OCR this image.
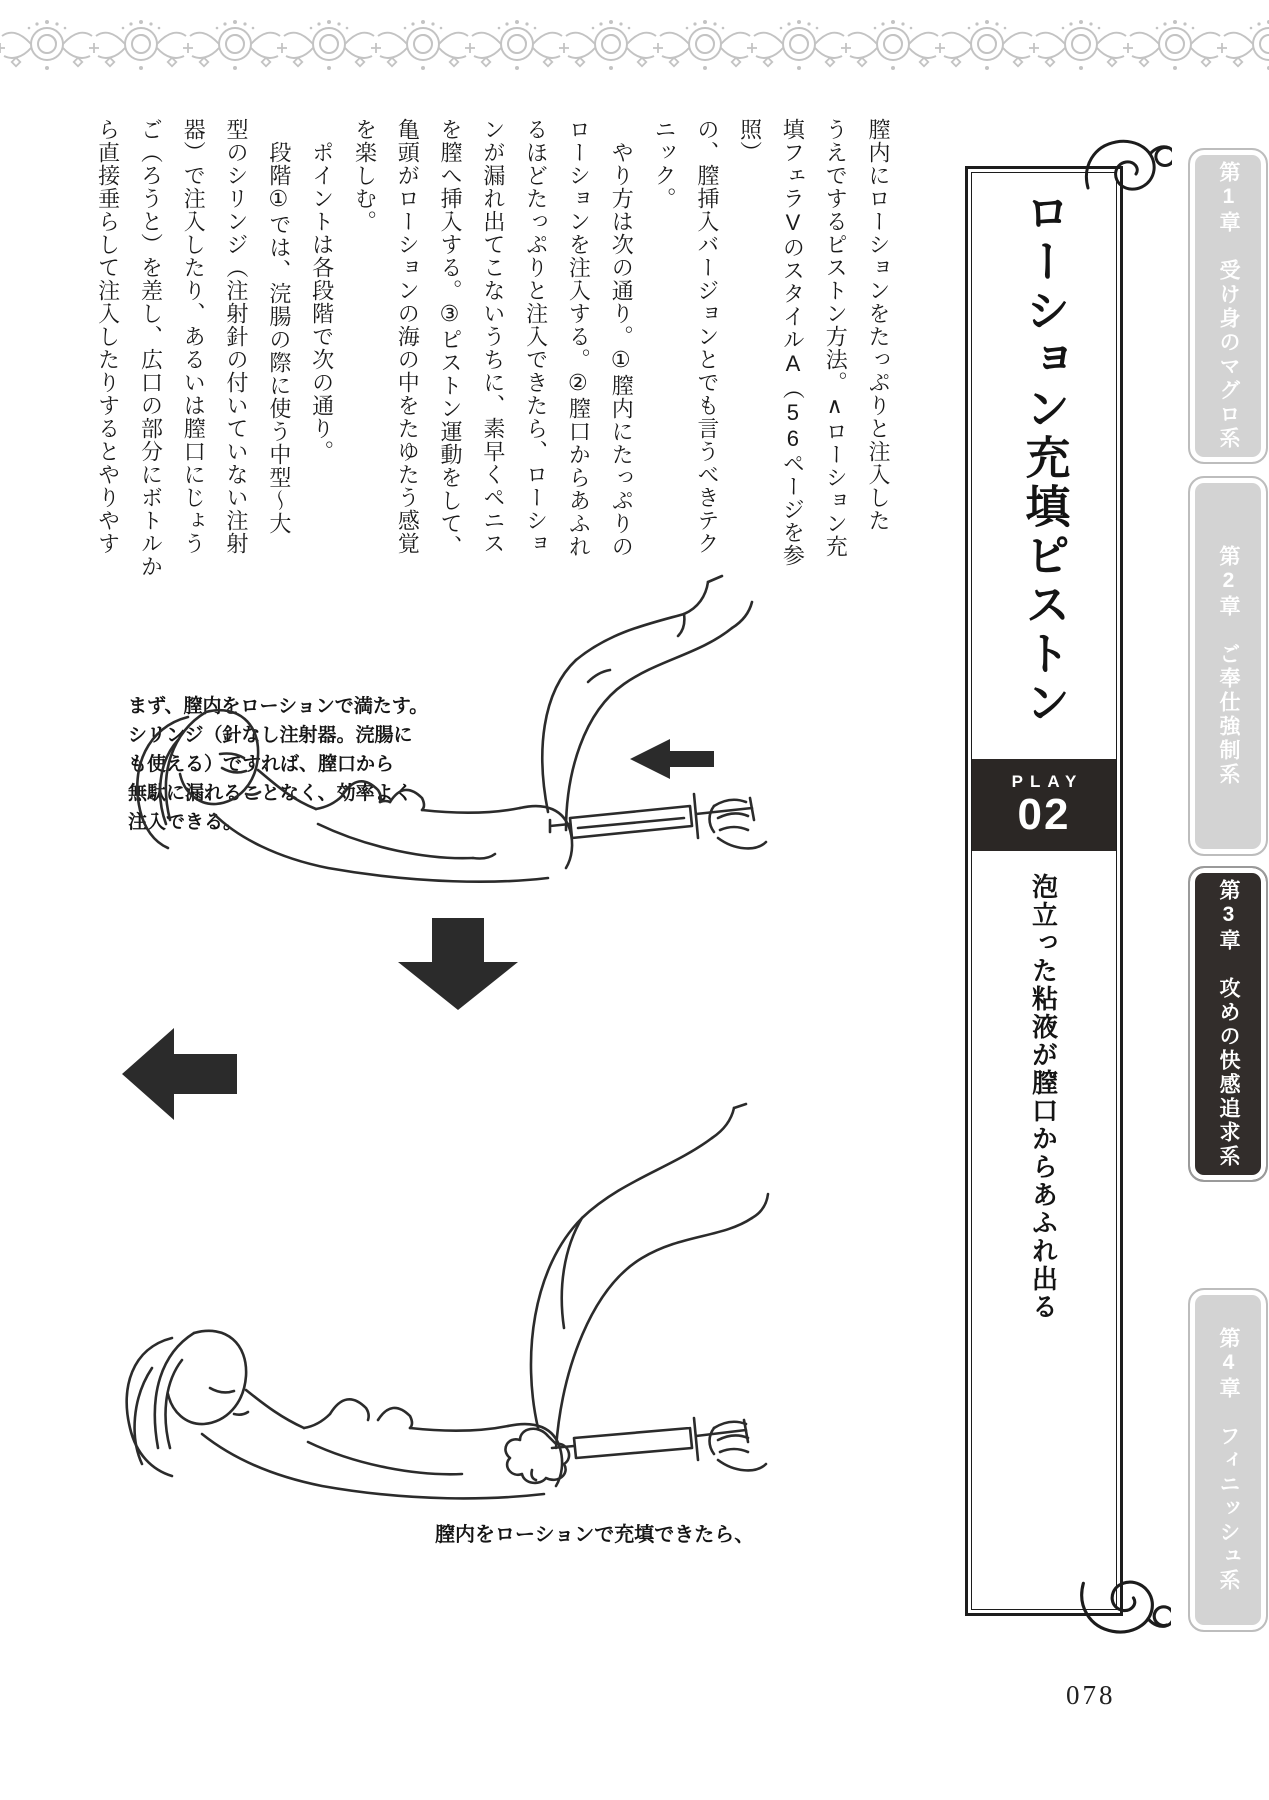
膣内にローションをたっぷりと注入した
うえでするピストン方法。∧ローション充
填フェラVのスタイルA（56ページを参照）
の、膣挿入バージョンとでも言うべきテク
ニック。
　やり方は次の通り。①膣内にたっぷりの
ローションを注入する。②膣口からあふれ
るほどたっぷりと注入できたら、ローショ
ンが漏れ出てこないうちに、素早くペニス
を膣へ挿入する。③ピストン運動をして、
亀頭がローションの海の中をたゆたう感覚
を楽しむ。
　ポイントは各段階で次の通り。
　段階①では、浣腸の際に使う中型～大
型のシリンジ（注射針の付いていない注射
器）で注入したり、あるいは膣口にじょう
ご（ろうと）を差し、広口の部分にボトルか
ら直接垂らして注入したりするとやりやす
まず、膣内をローションで満たす。
シリンジ（針なし注射器。浣腸に
も使える）ですれば、膣口から
無駄に漏れることなく、効率よく
注入できる。
膣内をローションで充填できたら、
ローション充填ピストン
PLAY
02
泡立った粘液が膣口からあふれ出る
第1章　受け身のマグロ系
第2章　ご奉仕強制系
第3章　攻めの快感追求系
第4章　フィニッシュ系
078
